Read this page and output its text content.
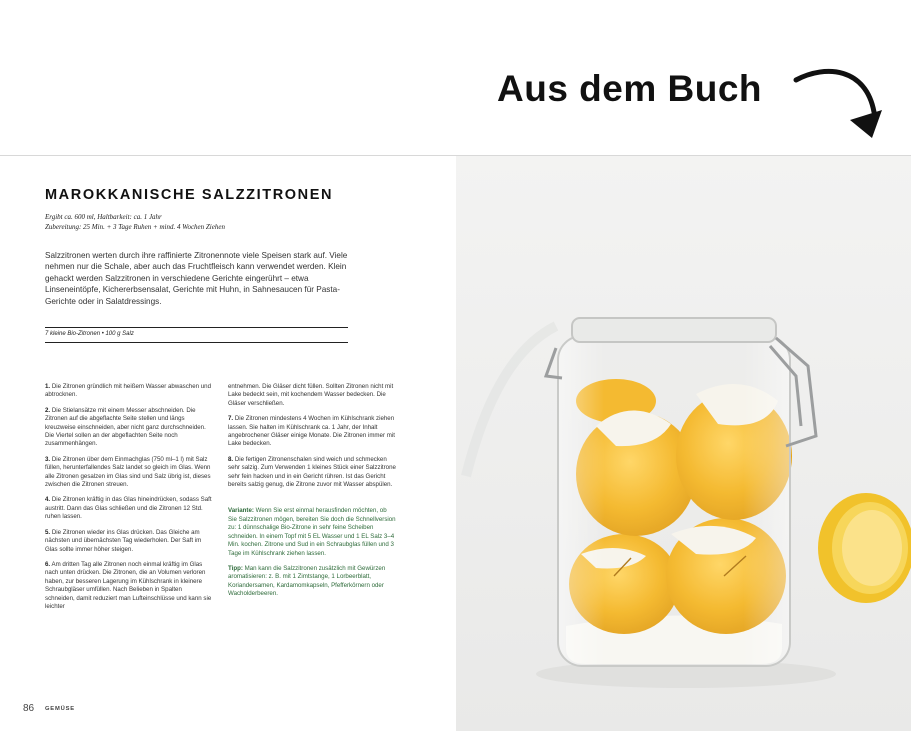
Aus dem Buch
MAROKKANISCHE SALZZITRONEN
Ergibt ca. 600 ml, Haltbarkeit: ca. 1 Jahr
Zubereitung: 25 Min. + 3 Tage Ruhen + mind. 4 Wochen Ziehen
Salzzitronen werten durch ihre raffinierte Zitronennote viele Speisen stark auf. Viele nehmen nur die Schale, aber auch das Fruchtfleisch kann verwendet werden. Klein gehackt werden Salzzitronen in verschiedene Gerichte eingerührt – etwa Linseneintöpfe, Kichererbsensalat, Gerichte mit Huhn, in Sahnesaucen für Pasta-Gerichte oder in Salatdressings.
7 kleine Bio-Zitronen • 100 g Salz

1. Die Zitronen gründlich mit heißem Wasser abwaschen und abtrocknen.

2. Die Stielansätze mit einem Messer abschneiden. Die Zitronen auf die abgeflachte Seite stellen und längs kreuzweise einschneiden, aber nicht ganz durchschneiden. Die Viertel sollen an der abgeflachten Seite noch zusammenhängen.

3. Die Zitronen über dem Einmachglas (750 ml–1 l) mit Salz füllen, herunterfallendes Salz landet so gleich im Glas. Wenn alle Zitronen gesalzen im Glas sind und Salz übrig ist, dieses zwischen die Zitronen streuen.

4. Die Zitronen kräftig in das Glas hineindrücken, sodass Saft austritt. Dann das Glas schließen und die Zitronen 12 Std. ruhen lassen.

5. Die Zitronen wieder ins Glas drücken. Das Gleiche am nächsten und übernächsten Tag wiederholen. Der Saft im Glas sollte immer höher steigen.

6. Am dritten Tag alle Zitronen noch einmal kräftig im Glas nach unten drücken. Die Zitronen, die an Volumen verloren haben, zur besseren Lagerung im Kühlschrank in kleinere Schraubgläser umfüllen. Nach Belieben in Spalten schneiden, damit reduziert man Lufteinschlüsse und kann sie leichter

entnehmen. Die Gläser dicht füllen. Sollten Zitronen nicht mit Lake bedeckt sein, mit kochendem Wasser bedecken. Die Gläser verschließen.

7. Die Zitronen mindestens 4 Wochen im Kühlschrank ziehen lassen. Sie halten im Kühlschrank ca. 1 Jahr, der Inhalt angebrochener Gläser einige Monate. Die Zitronen immer mit Lake bedecken.

8. Die fertigen Zitronenschalen sind weich und schmecken sehr salzig. Zum Verwenden 1 kleines Stück einer Salzzitrone sehr fein hacken und in ein Gericht rühren. Ist das Gericht bereits salzig genug, die Zitrone zuvor mit Wasser abspülen.

Variante: Wenn Sie erst einmal herausfinden möchten, ob Sie Salzzitronen mögen, bereiten Sie doch die Schnellversion zu: 1 dünnschalige Bio-Zitrone in sehr feine Scheiben schneiden. In einem Topf mit 5 EL Wasser und 1 EL Salz 3–4 Min. kochen. Zitrone und Sud in ein Schraubglas füllen und 3 Tage im Kühlschrank ziehen lassen.

Tipp: Man kann die Salzzitronen zusätzlich mit Gewürzen aromatisieren: z. B. mit 1 Zimtstange, 1 Lorbeerblatt, Koriandersamen, Kardamomkapseln, Pfefferkörnern oder Wacholderbeeren.

86 GEMÜSE
